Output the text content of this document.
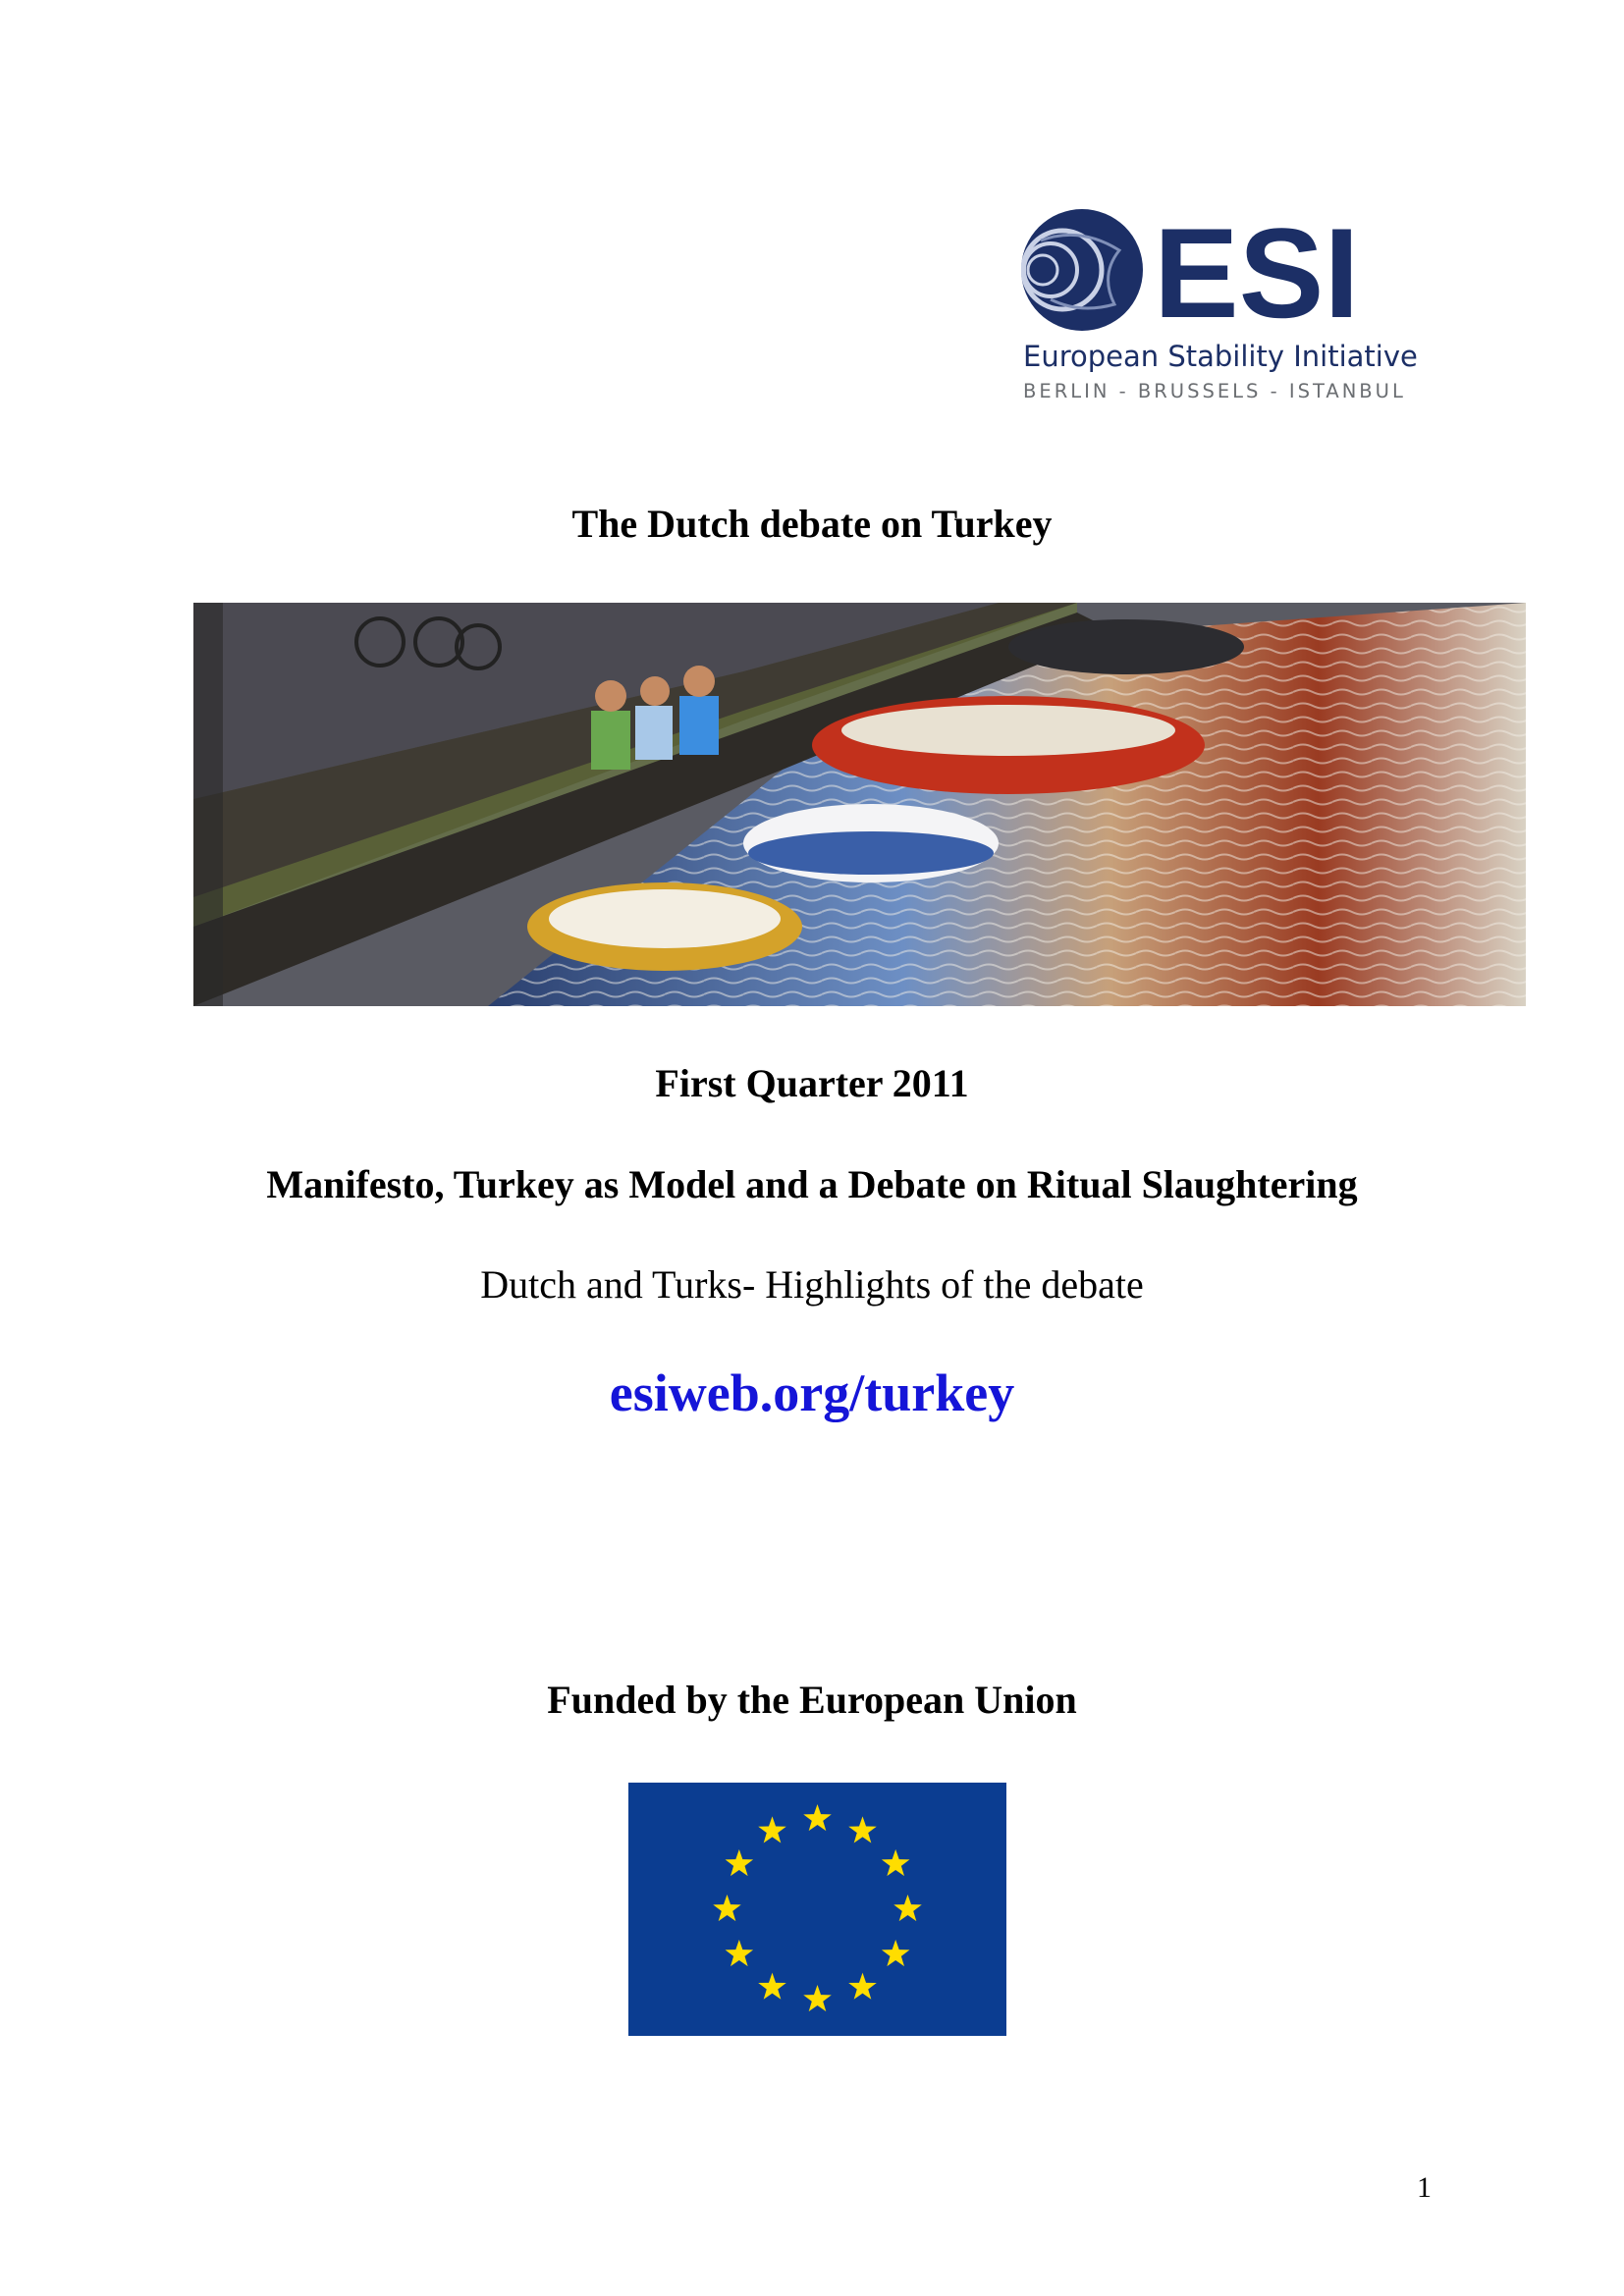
ESI
European Stability Initiative
BERLIN - BRUSSELS - ISTANBUL
The Dutch debate on Turkey
First Quarter 2011
Manifesto, Turkey as Model and a Debate on Ritual Slaughtering
Dutch and Turks- Highlights of the debate
esiweb.org/turkey
Funded by the European Union
1
